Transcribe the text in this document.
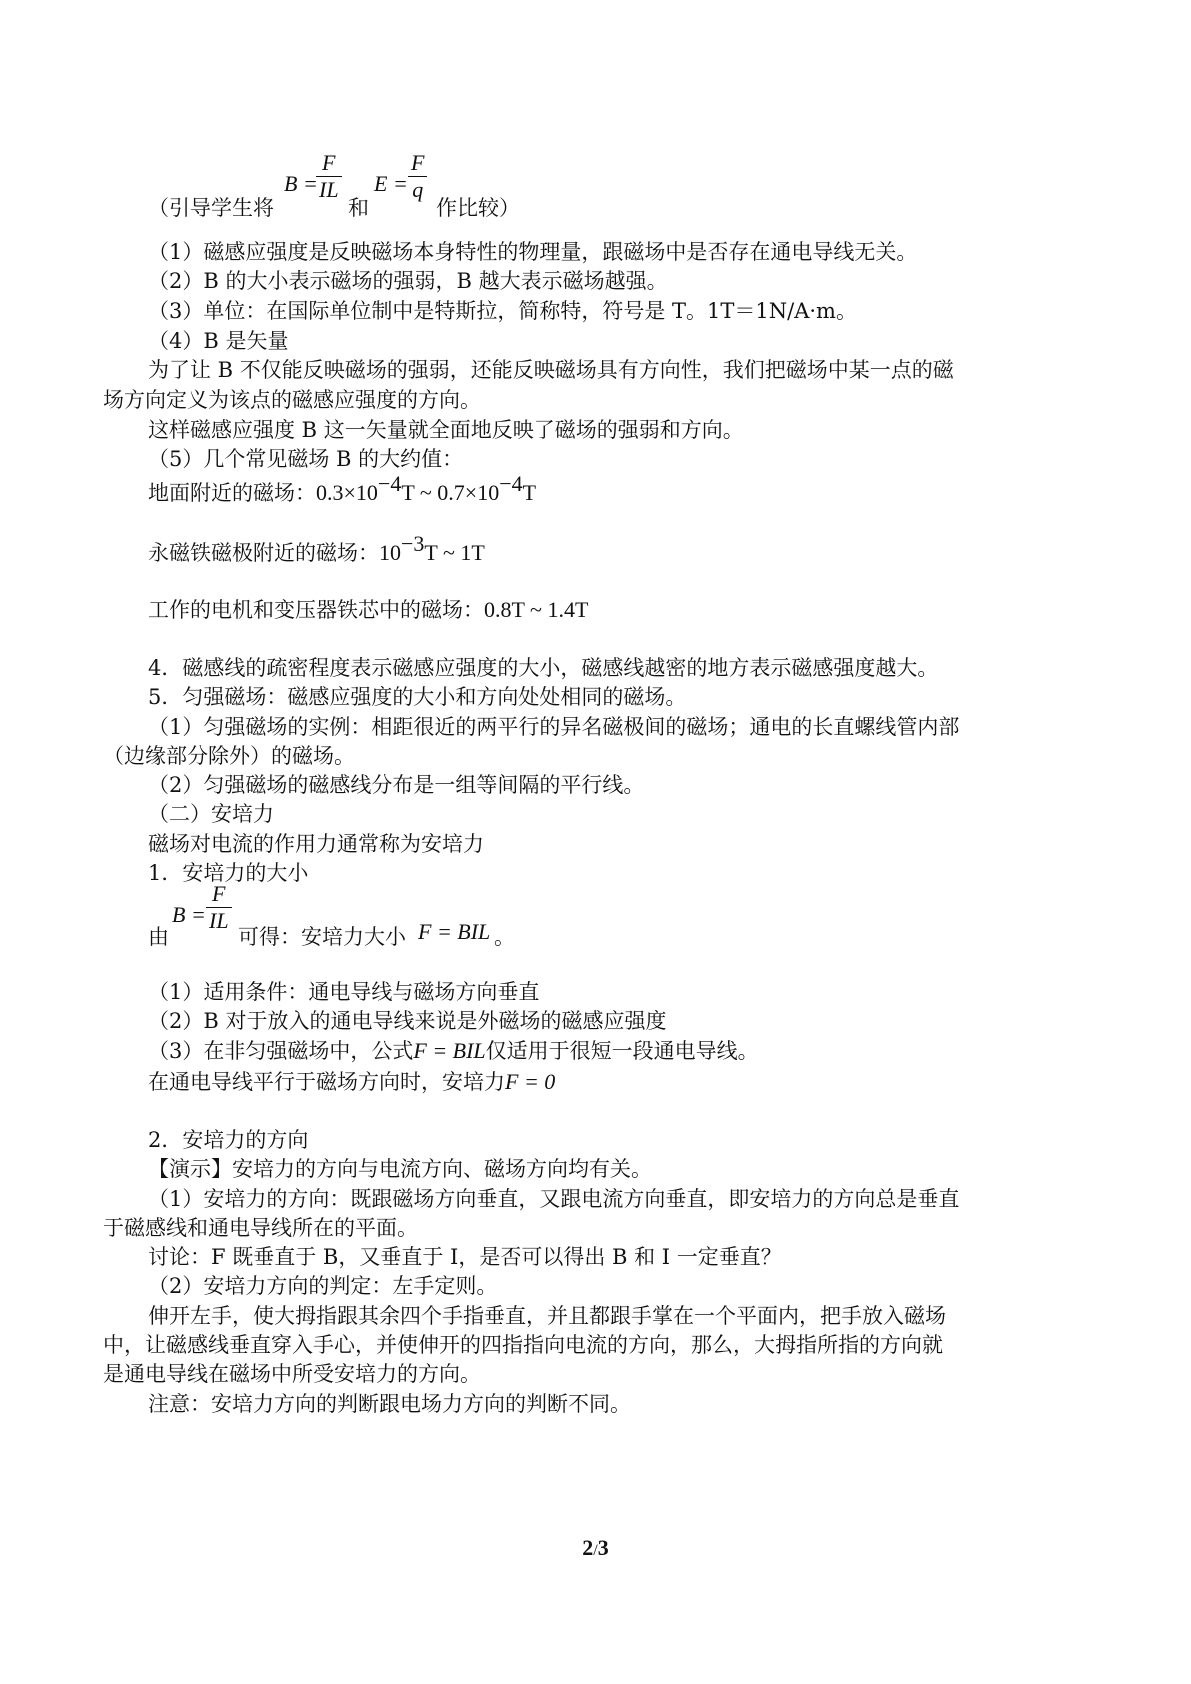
（引导学生将
B =
$\frac{F}{IL}$
和
$E = \frac{F}{q}$
作比较）
（1）磁感应强度是反映磁场本身特性的物理量，跟磁场中是否存在通电导线无关。
（2）B 的大小表示磁场的强弱，B 越大表示磁场越强。
（3）单位：在国际单位制中是特斯拉，简称特，符号是 T。1T＝1N/A·m。
（4）B 是矢量
为了让 B 不仅能反映磁场的强弱，还能反映磁场具有方向性，我们把磁场中某一点的磁
场方向定义为该点的磁感应强度的方向。
这样磁感应强度 B 这一矢量就全面地反映了磁场的强弱和方向。
（5）几个常见磁场 B 的大约值：
地面附近的磁场：$0.3\times 10^{-4}T$ ~ $0.7\times 10^{-4}T$
永磁铁磁极附近的磁场：$10^{-3}T$ ~ 1T
工作的电机和变压器铁芯中的磁场：0.8T ~ 1.4T
4．磁感线的疏密程度表示磁感应强度的大小，磁感线越密的地方表示磁感强度越大。
5．匀强磁场：磁感应强度的大小和方向处处相同的磁场。
（1）匀强磁场的实例：相距很近的两平行的异名磁极间的磁场；通电的长直螺线管内部
（边缘部分除外）的磁场。
（2）匀强磁场的磁感线分布是一组等间隔的平行线。
（二）安培力
磁场对电流的作用力通常称为安培力
1．安培力的大小
由
$B = \frac{F}{IL}$
可得：安培力大小 F = BIL 。
（1）适用条件：通电导线与磁场方向垂直
（2）B 对于放入的通电导线来说是外磁场的磁感应强度
（3）在非匀强磁场中，公式F = BIL仅适用于很短一段通电导线。
在通电导线平行于磁场方向时，安培力F = 0
2．安培力的方向
【演示】安培力的方向与电流方向、磁场方向均有关。
（1）安培力的方向：既跟磁场方向垂直，又跟电流方向垂直，即安培力的方向总是垂直
于磁感线和通电导线所在的平面。
讨论：F 既垂直于 B，又垂直于 I，是否可以得出 B 和 I 一定垂直？
（2）安培力方向的判定：左手定则。
伸开左手，使大拇指跟其余四个手指垂直，并且都跟手掌在一个平面内，把手放入磁场
中，让磁感线垂直穿入手心，并使伸开的四指指向电流的方向，那么，大拇指所指的方向就
是通电导线在磁场中所受安培力的方向。
注意：安培力方向的判断跟电场力方向的判断不同。
2/3
